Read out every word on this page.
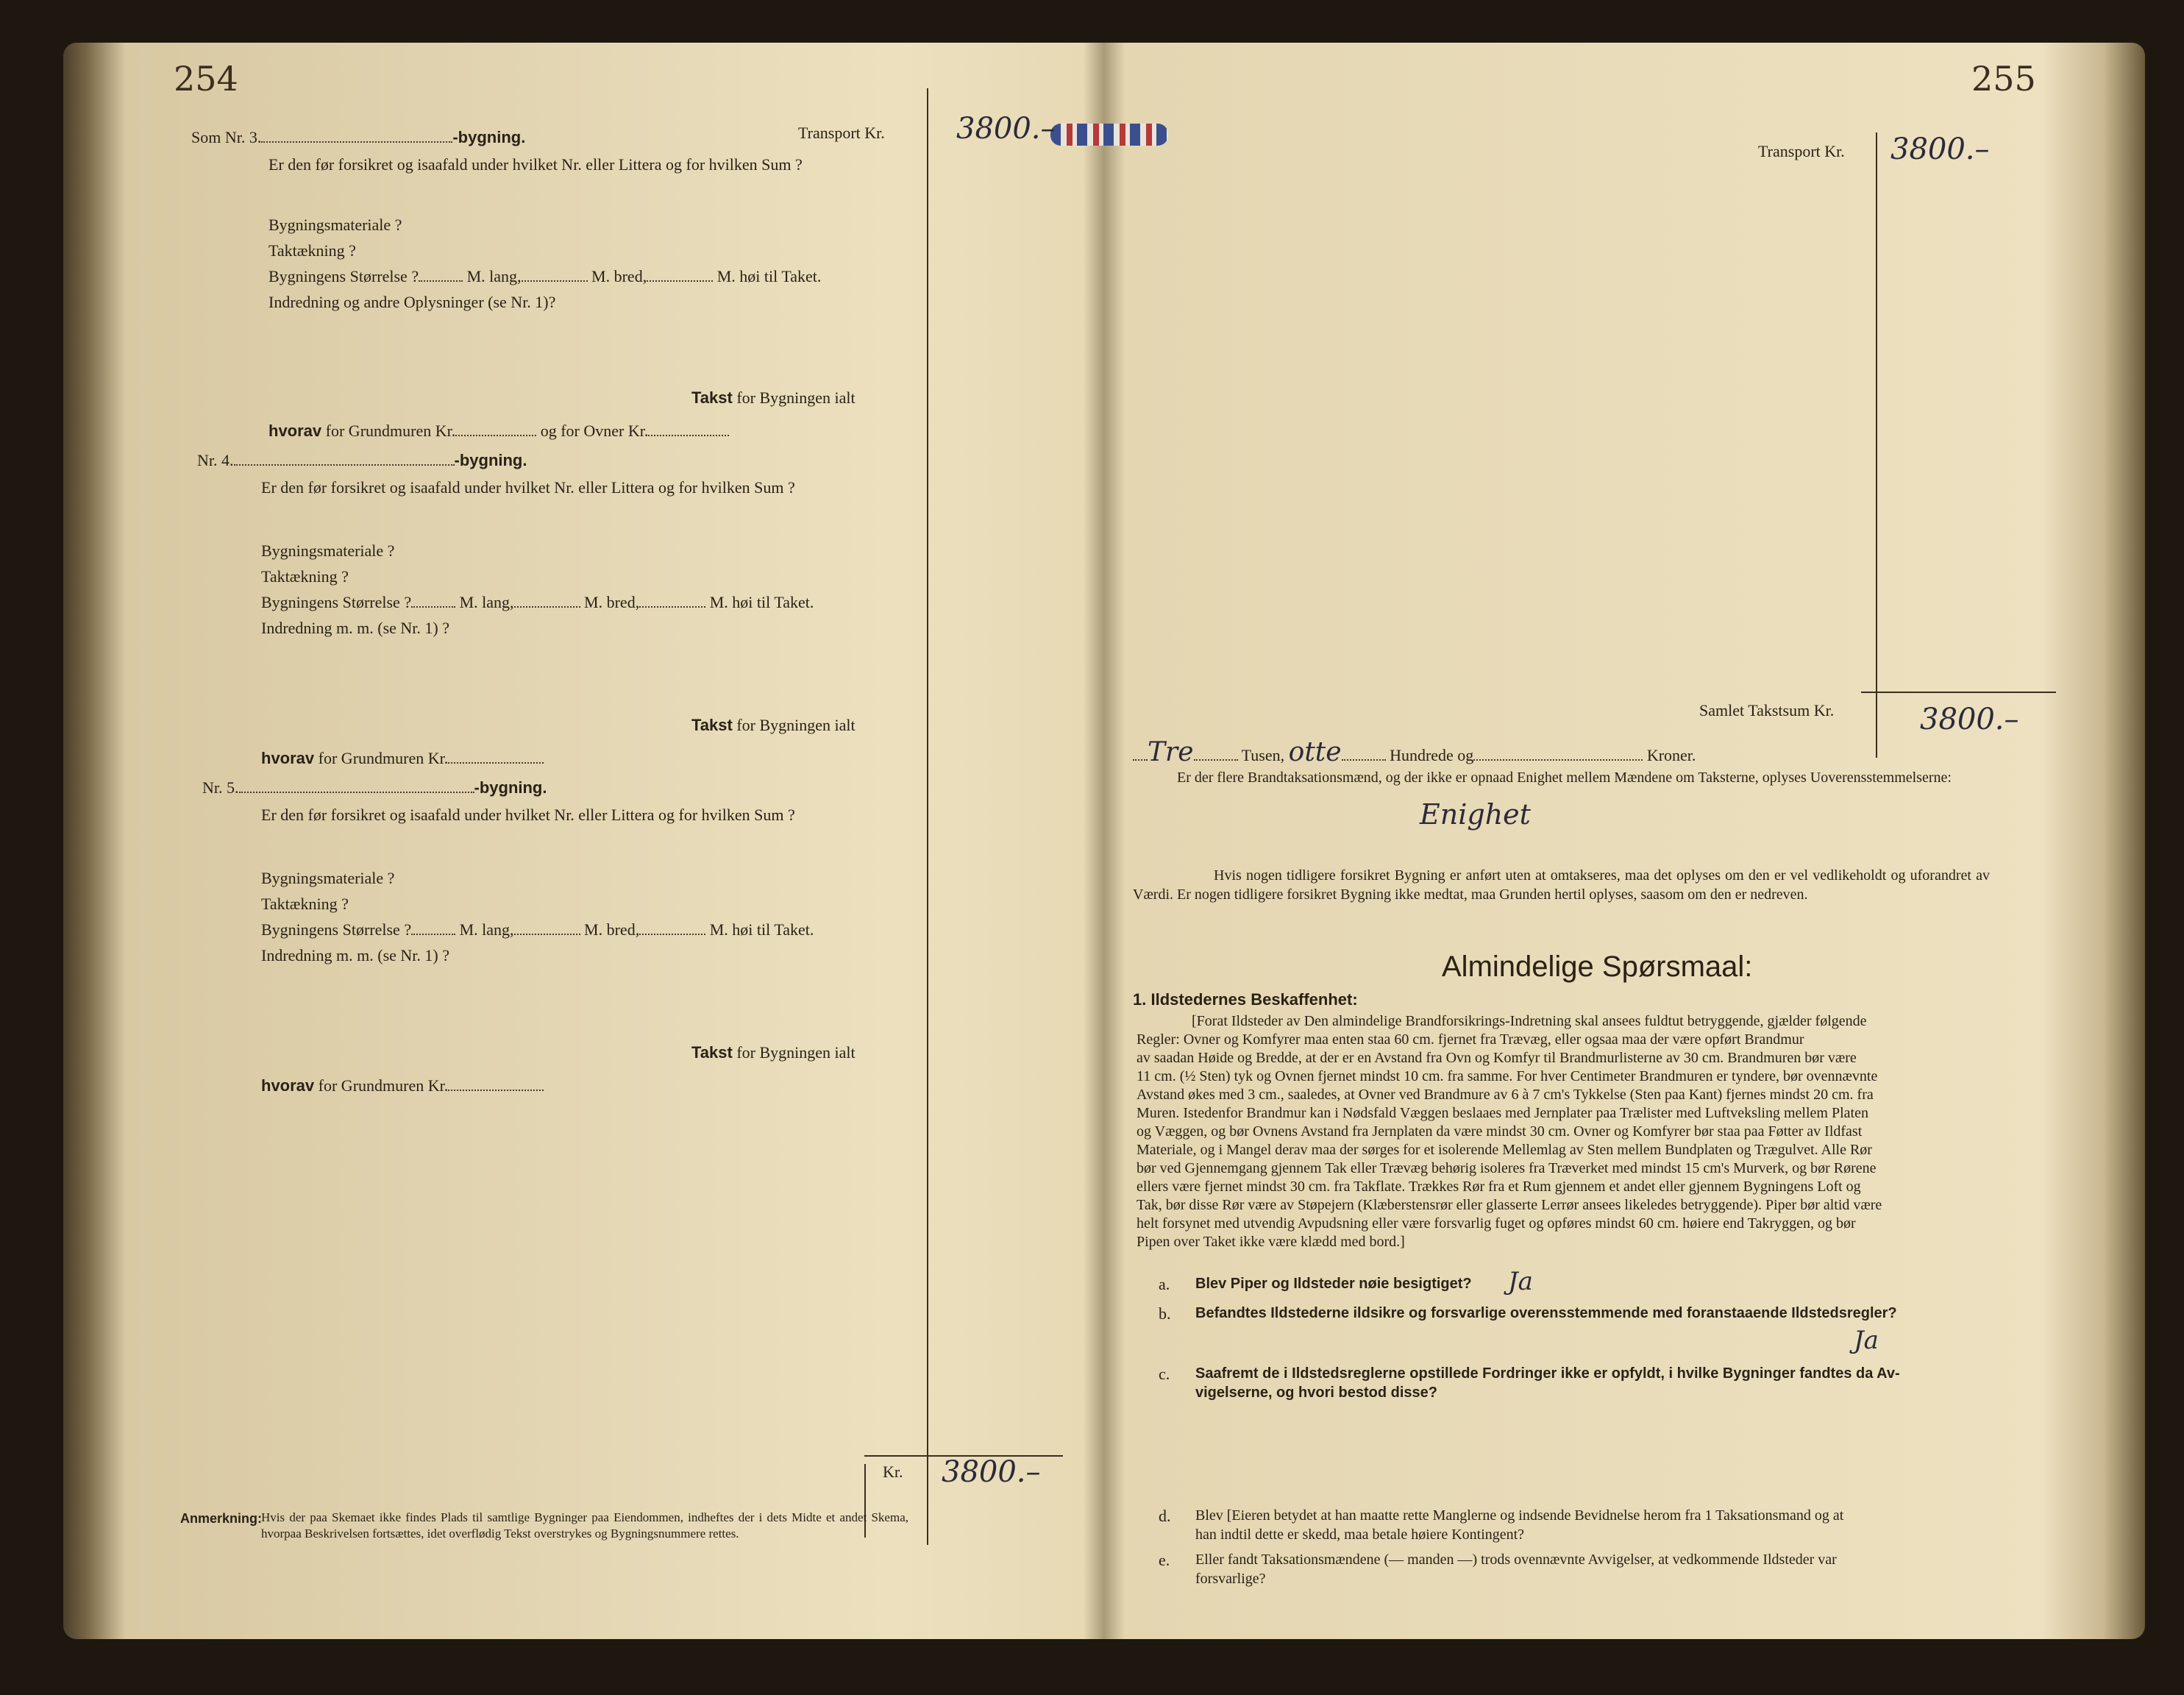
254
Transport Kr. 3800.–
Som Nr. 3.	-bygning.
Er den før forsikret og isaafald under hvilket Nr. eller Littera og for hvilken Sum ?
Bygningsmateriale ?
Taktækning ?
Bygningens Størrelse ?	M. lang,	M. bred,	M. høi til Taket.
Indredning og andre Oplysninger (se Nr. 1)?
Takst for Bygningen ialt
hvorav for Grundmuren Kr.	og for Ovner Kr.
Nr. 4.	-bygning.
Er den før forsikret og isaafald under hvilket Nr. eller Littera og for hvilken Sum ?
Bygningsmateriale ?
Taktækning ?
Bygningens Størrelse ?	M. lang,	M. bred,	M. høi til Taket.
Indredning m. m. (se Nr. 1) ?
Takst for Bygningen ialt
hvorav for Grundmuren Kr.
Nr. 5.	-bygning.
Er den før forsikret og isaafald under hvilket Nr. eller Littera og for hvilken Sum ?
Bygningsmateriale ?
Taktækning ?
Bygningens Størrelse ?	M. lang,	M. bred,	M. høi til Taket.
Indredning m. m. (se Nr. 1) ?
Takst for Bygningen ialt
hvorav for Grundmuren Kr.
Kr. 3800.–
Anmerkning:
Hvis der paa Skemaet ikke findes Plads til samtlige Bygninger paa Eiendommen, indheftes der i dets Midte et andet Skema, hvorpaa Beskrivelsen fortsættes, idet overflødig Tekst overstrykes og Bygningsnummere rettes.
255
Transport Kr. 3800.–
Samlet Takstsum Kr.	3800.–
Tre	Tusen, otte	Hundrede og	Kroner.
Er der flere Brandtaksationsmænd, og der ikke er opnaad Enighet mellem Mændene om Taksterne, oplyses Uoverensstemmelserne:
Enighet
Hvis nogen tidligere forsikret Bygning er anført uten at omtakseres, maa det oplyses om den er vel vedlikeholdt og uforandret av Værdi. Er nogen tidligere forsikret Bygning ikke medtat, maa Grunden hertil oplyses, saasom om den er nedreven.
Almindelige Spørsmaal:
1. Ildstedernes Beskaffenhet:
[Forat Ildsteder av Den almindelige Brandforsikrings-Indretning skal ansees fuldtut betryggende, gjælder følgende
Regler: Ovner og Komfyrer maa enten staa 60 cm. fjernet fra Trævæg, eller ogsaa maa der være opført Brandmur
av saadan Høide og Bredde, at der er en Avstand fra Ovn og Komfyr til Brandmurlisterne av 30 cm. Brandmuren bør være
11 cm. (½ Sten) tyk og Ovnen fjernet mindst 10 cm. fra samme. For hver Centimeter Brandmuren er tyndere, bør ovennævnte
Avstand økes med 3 cm., saaledes, at Ovner ved Brandmure av 6 à 7 cm's Tykkelse (Sten paa Kant) fjernes mindst 20 cm. fra
Muren. Istedenfor Brandmur kan i Nødsfald Væggen beslaaes med Jernplater paa Trælister med Luftveksling mellem Platen
og Væggen, og bør Ovnens Avstand fra Jernplaten da være mindst 30 cm. Ovner og Komfyrer bør staa paa Føtter av Ildfast
Materiale, og i Mangel derav maa der sørges for et isolerende Mellemlag av Sten mellem Bundplaten og Trægulvet. Alle Rør
bør ved Gjennemgang gjennem Tak eller Trævæg behørig isoleres fra Træverket med mindst 15 cm's Murverk, og bør Rørene
ellers være fjernet mindst 30 cm. fra Takflate. Trækkes Rør fra et Rum gjennem et andet eller gjennem Bygningens Loft og
Tak, bør disse Rør være av Støpejern (Klæberstensrør eller glasserte Lerrør ansees likeledes betryggende). Piper bør altid være
helt forsynet med utvendig Avpudsning eller være forsvarlig fuget og opføres mindst 60 cm. høiere end Takryggen, og bør
Pipen over Taket ikke være klædd med bord.]
a. Blev Piper og Ildsteder nøie besigtiget? Ja
b. Befandtes Ildstederne ildsikre og forsvarlige overensstemmende med foranstaaende Ildstedsregler?
Ja
c. Saafremt de i Ildstedsreglerne opstillede Fordringer ikke er opfyldt, i hvilke Bygninger fandtes da Av-
vigelserne, og hvori bestod disse?
d. Blev [Eieren betydet at han maatte rette Manglerne og indsende Bevidnelse herom fra 1 Taksationsmand og at
han indtil dette er skedd, maa betale høiere Kontingent?
e. Eller fandt Taksationsmændene (— manden —) trods ovennævnte Avvigelser, at vedkommende Ildsteder var
forsvarlige?
